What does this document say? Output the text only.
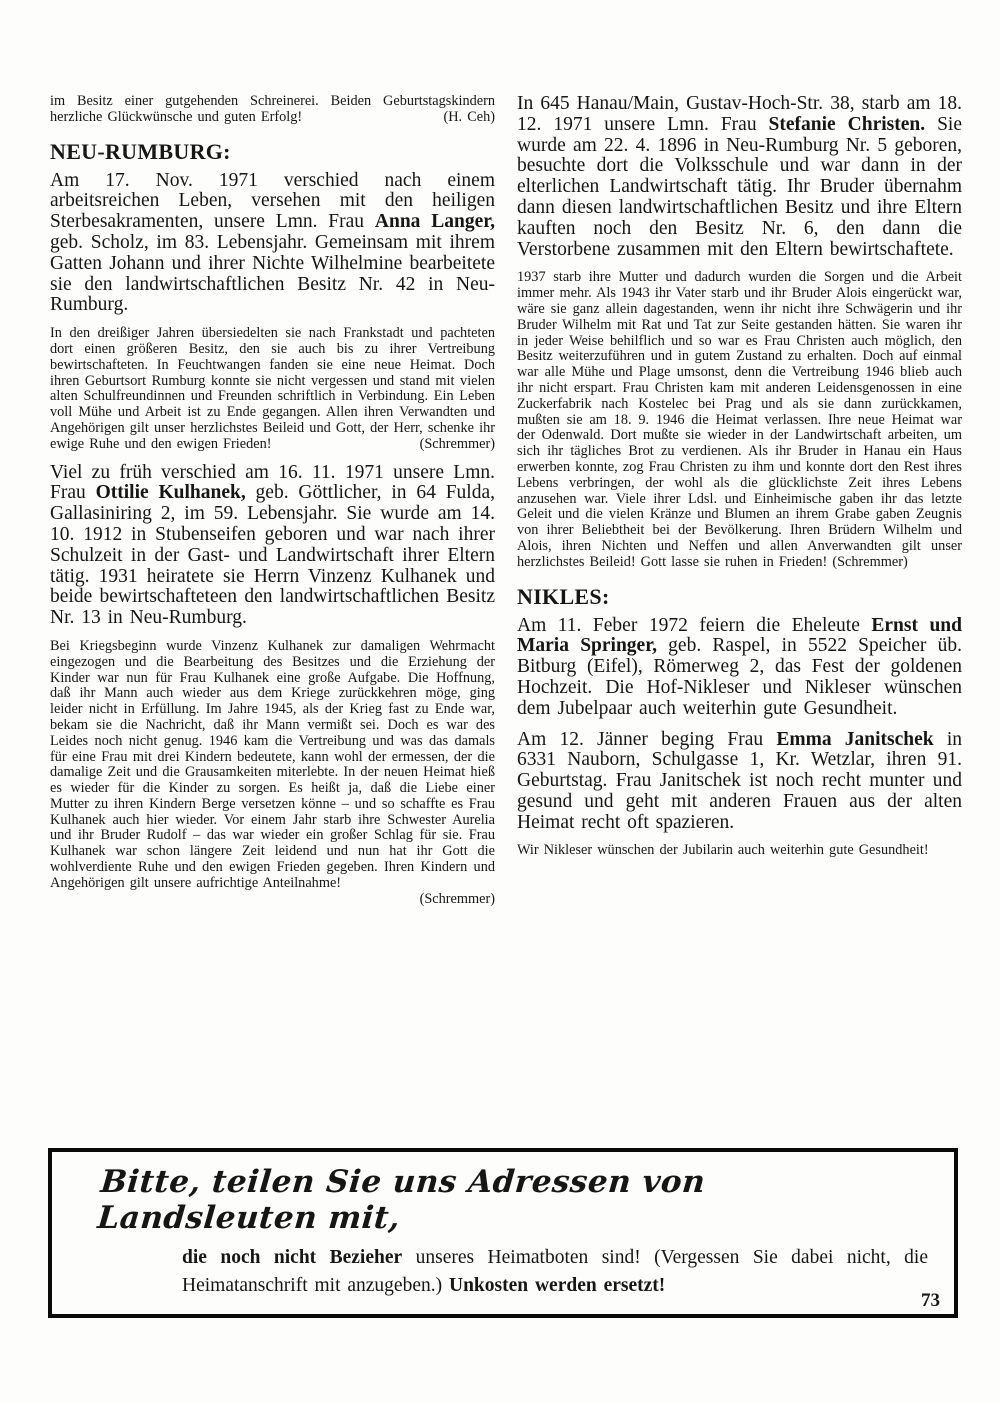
im Besitz einer gutgehenden Schreinerei. Beiden Geburtstagskindern herzliche Glückwünsche und guten Erfolg!	(H. Ceh)

NEU-RUMBURG:

Am 17. Nov. 1971 verschied nach einem arbeitsreichen Leben, versehen mit den heiligen Sterbesakramenten, unsere Lmn. Frau Anna Langer, geb. Scholz, im 83. Lebensjahr. Gemeinsam mit ihrem Gatten Johann und ihrer Nichte Wilhelmine bearbeitete sie den landwirtschaftlichen Besitz Nr. 42 in Neu-Rumburg.

In den dreißiger Jahren übersiedelten sie nach Frankstadt und pachteten dort einen größeren Besitz, den sie auch bis zu ihrer Vertreibung bewirtschafteten. In Feuchtwangen fanden sie eine neue Heimat. Doch ihren Geburtsort Rumburg konnte sie nicht vergessen und stand mit vielen alten Schulfreundinnen und Freunden schriftlich in Verbindung. Ein Leben voll Mühe und Arbeit ist zu Ende gegangen. Allen ihren Verwandten und Angehörigen gilt unser herzlichstes Beileid und Gott, der Herr, schenke ihr ewige Ruhe und den ewigen Frieden!	(Schremmer)

Viel zu früh verschied am 16. 11. 1971 unsere Lmn. Frau Ottilie Kulhanek, geb. Göttlicher, in 64 Fulda, Gallasiniring 2, im 59. Lebensjahr. Sie wurde am 14. 10. 1912 in Stubenseifen geboren und war nach ihrer Schulzeit in der Gast- und Landwirtschaft ihrer Eltern tätig. 1931 heiratete sie Herrn Vinzenz Kulhanek und beide bewirtschafteteen den landwirtschaftlichen Besitz Nr. 13 in Neu-Rumburg.

Bei Kriegsbeginn wurde Vinzenz Kulhanek zur damaligen Wehrmacht eingezogen und die Bearbeitung des Besitzes und die Erziehung der Kinder war nun für Frau Kulhanek eine große Aufgabe. Die Hoffnung, daß ihr Mann auch wieder aus dem Kriege zurückkehren möge, ging leider nicht in Erfüllung. Im Jahre 1945, als der Krieg fast zu Ende war, bekam sie die Nachricht, daß ihr Mann vermißt sei. Doch es war des Leides noch nicht genug. 1946 kam die Vertreibung und was das damals für eine Frau mit drei Kindern bedeutete, kann wohl der ermessen, der die damalige Zeit und die Grausamkeiten miterlebte. In der neuen Heimat hieß es wieder für die Kinder zu sorgen. Es heißt ja, daß die Liebe einer Mutter zu ihren Kindern Berge versetzen könne – und so schaffte es Frau Kulhanek auch hier wieder. Vor einem Jahr starb ihre Schwester Aurelia und ihr Bruder Rudolf – das war wieder ein großer Schlag für sie. Frau Kulhanek war schon längere Zeit leidend und nun hat ihr Gott die wohlverdiente Ruhe und den ewigen Frieden gegeben. Ihren Kindern und Angehörigen gilt unsere aufrichtige Anteilnahme!
(Schremmer)

In 645 Hanau/Main, Gustav-Hoch-Str. 38, starb am 18. 12. 1971 unsere Lmn. Frau Stefanie Christen. Sie wurde am 22. 4. 1896 in Neu-Rumburg Nr. 5 geboren, besuchte dort die Volksschule und war dann in der elterlichen Landwirtschaft tätig. Ihr Bruder übernahm dann diesen landwirtschaftlichen Besitz und ihre Eltern kauften noch den Besitz Nr. 6, den dann die Verstorbene zusammen mit den Eltern bewirtschaftete.

1937 starb ihre Mutter und dadurch wurden die Sorgen und die Arbeit immer mehr. Als 1943 ihr Vater starb und ihr Bruder Alois eingerückt war, wäre sie ganz allein dagestanden, wenn ihr nicht ihre Schwägerin und ihr Bruder Wilhelm mit Rat und Tat zur Seite gestanden hätten. Sie waren ihr in jeder Weise behilflich und so war es Frau Christen auch möglich, den Besitz weiterzuführen und in gutem Zustand zu erhalten. Doch auf einmal war alle Mühe und Plage umsonst, denn die Vertreibung 1946 blieb auch ihr nicht erspart. Frau Christen kam mit anderen Leidensgenossen in eine Zuckerfabrik nach Kostelec bei Prag und als sie dann zurückkamen, mußten sie am 18. 9. 1946 die Heimat verlassen. Ihre neue Heimat war der Odenwald. Dort mußte sie wieder in der Landwirtschaft arbeiten, um sich ihr tägliches Brot zu verdienen. Als ihr Bruder in Hanau ein Haus erwerben konnte, zog Frau Christen zu ihm und konnte dort den Rest ihres Lebens verbringen, der wohl als die glücklichste Zeit ihres Lebens anzusehen war. Viele ihrer Ldsl. und Einheimische gaben ihr das letzte Geleit und die vielen Kränze und Blumen an ihrem Grabe gaben Zeugnis von ihrer Beliebtheit bei der Bevölkerung. Ihren Brüdern Wilhelm und Alois, ihren Nichten und Neffen und allen Anverwandten gilt unser herzlichstes Beileid! Gott lasse sie ruhen in Frieden! (Schremmer)

NIKLES:

Am 11. Feber 1972 feiern die Eheleute Ernst und Maria Springer, geb. Raspel, in 5522 Speicher üb. Bitburg (Eifel), Römerweg 2, das Fest der goldenen Hochzeit. Die Hof-Nikleser und Nikleser wünschen dem Jubelpaar auch weiterhin gute Gesundheit.

Am 12. Jänner beging Frau Emma Janitschek in 6331 Nauborn, Schulgasse 1, Kr. Wetzlar, ihren 91. Geburtstag. Frau Janitschek ist noch recht munter und gesund und geht mit anderen Frauen aus der alten Heimat recht oft spazieren.

Wir Nikleser wünschen der Jubilarin auch weiterhin gute Gesundheit!

Bitte, teilen Sie uns Adressen von Landsleuten mit,

die noch nicht Bezieher unseres Heimatboten sind! (Vergessen Sie dabei nicht, die Heimatanschrift mit anzugeben.) Unkosten werden ersetzt!

73
